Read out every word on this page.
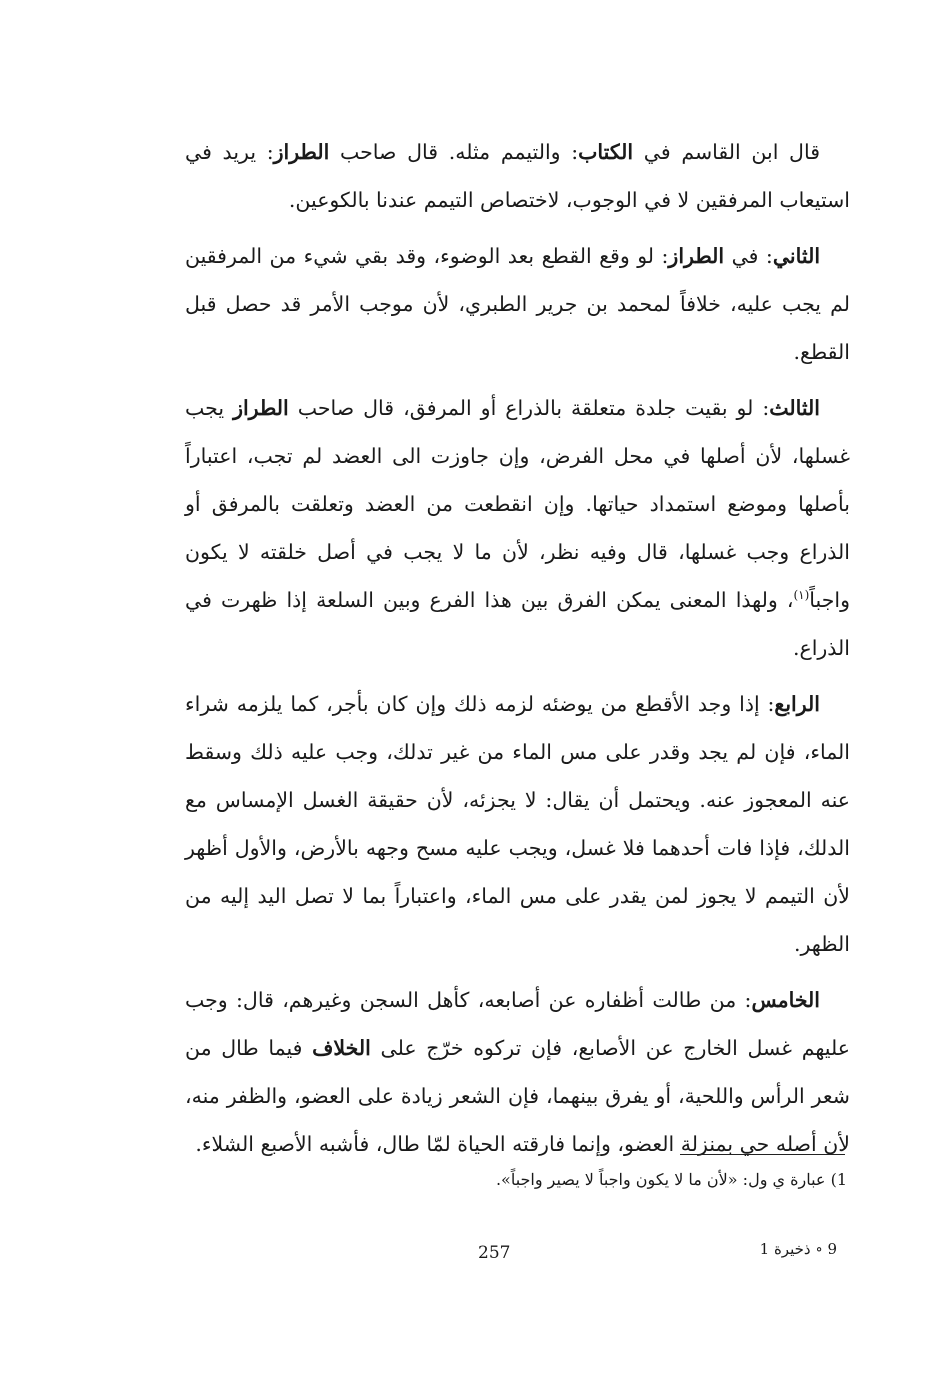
قال ابن القاسم في الكتاب: والتيمم مثله. قال صاحب الطراز: يريد في استيعاب المرفقين لا في الوجوب، لاختصاص التيمم عندنا بالكوعين.

الثاني: في الطراز: لو وقع القطع بعد الوضوء، وقد بقي شيء من المرفقين لم يجب عليه، خلافاً لمحمد بن جرير الطبري، لأن موجب الأمر قد حصل قبل القطع.

الثالث: لو بقيت جلدة متعلقة بالذراع أو المرفق، قال صاحب الطراز يجب غسلها، لأن أصلها في محل الفرض، وإن جاوزت الى العضد لم تجب، اعتباراً بأصلها وموضع استمداد حياتها. وإن انقطعت من العضد وتعلقت بالمرفق أو الذراع وجب غسلها، قال وفيه نظر، لأن ما لا يجب في أصل خلقته لا يكون واجباً$^{(١)}$، ولهذا المعنى يمكن الفرق بين هذا الفرع وبين السلعة إذا ظهرت في الذراع.

الرابع: إذا وجد الأقطع من يوضئه لزمه ذلك وإن كان بأجر، كما يلزمه شراء الماء، فإن لم يجد وقدر على مس الماء من غير تدلك، وجب عليه ذلك وسقط عنه المعجوز عنه. ويحتمل أن يقال: لا يجزئه، لأن حقيقة الغسل الإمساس مع الدلك، فإذا فات أحدهما فلا غسل، ويجب عليه مسح وجهه بالأرض، والأول أظهر لأن التيمم لا يجوز لمن يقدر على مس الماء، واعتباراً بما لا تصل اليد إليه من الظهر.

الخامس: من طالت أظفاره عن أصابعه، كأهل السجن وغيرهم، قال: وجب عليهم غسل الخارج عن الأصابع، فإن تركوه خرّج على الخلاف فيما طال من شعر الرأس واللحية، أو يفرق بينهما، فإن الشعر زيادة على العضو، والظفر منه، لأن أصله حي بمنزلة العضو، وإنما فارقته الحياة لمّا طال، فأشبه الأصبع الشلاء.

1) عبارة ي ول: «لأن ما لا يكون واجباً لا يصير واجباً».
257	9 ∘ ذخيرة 1
